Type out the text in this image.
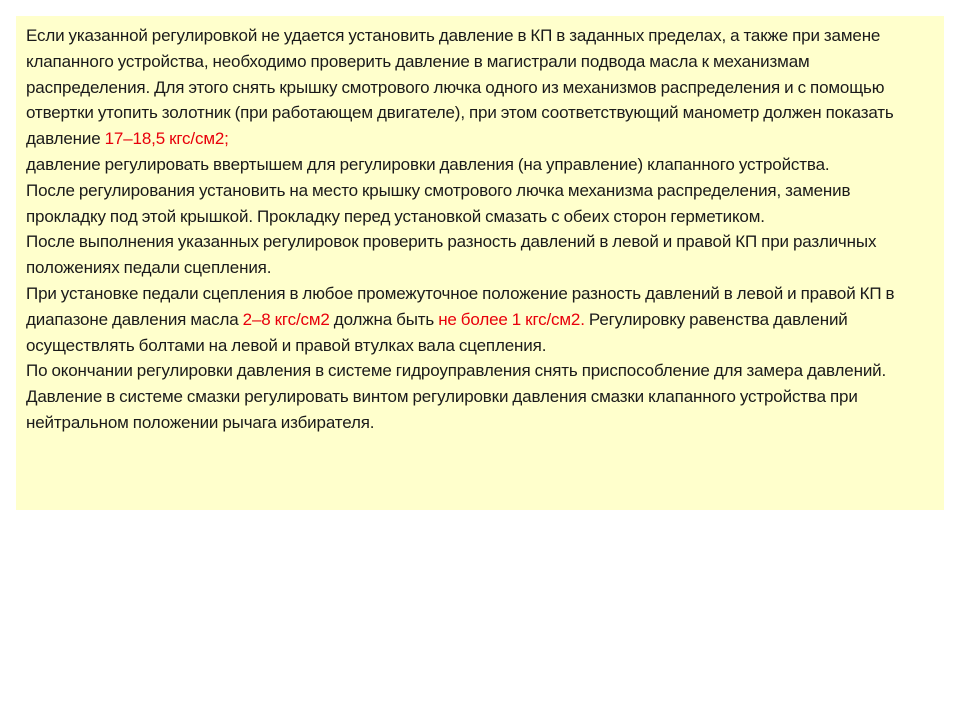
Если указанной регулировкой не удается установить давление в КП в заданных пределах, а также при замене клапанного устройства, необходимо проверить давление в магистрали подвода масла к механизмам распределения. Для этого снять крышку смотрового лючка одного из механизмов распределения и с помощью отвертки утопить золотник (при работающем двигателе), при этом соответствующий манометр должен показать давление 17–18,5 кгс/см2;

давление регулировать ввертышем для регулировки давления (на управление) клапанного устройства.

После регулирования установить на место крышку смотрового лючка механизма распределения, заменив прокладку под этой крышкой. Прокладку перед установкой смазать с обеих сторон герметиком.

После выполнения указанных регулировок проверить разность давлений в левой и правой КП при различных положениях педали сцепления.

При установке педали сцепления в любое промежуточное положение разность давлений в левой и правой КП в диапазоне давления масла 2–8 кгс/см2 должна быть не более 1 кгс/см2. Регулировку равенства давлений осуществлять болтами на левой и правой втулках вала сцепления.

По окончании регулировки давления в системе гидроуправления снять приспособление для замера давлений.

Давление в системе смазки регулировать винтом регулировки давления смазки клапанного устройства при нейтральном положении рычага избирателя.
